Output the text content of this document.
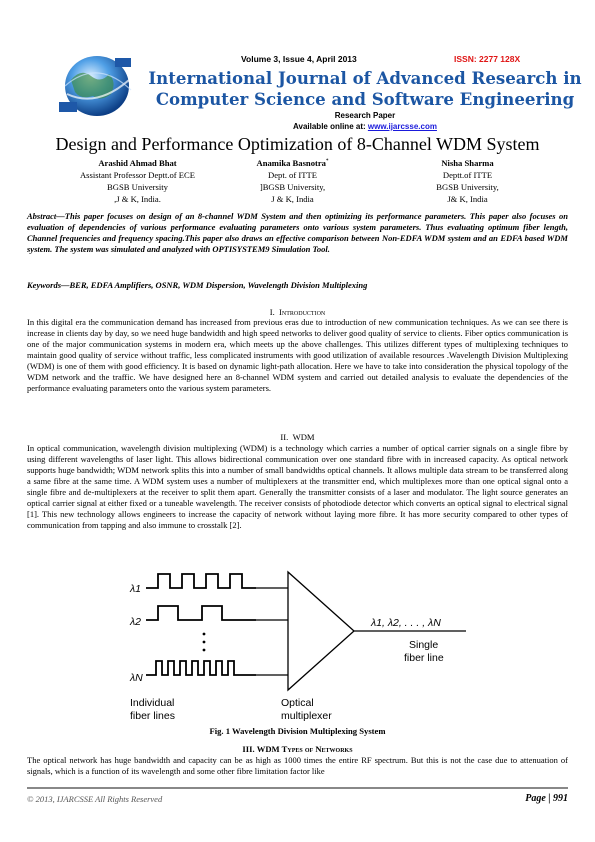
Volume 3, Issue 4, April 2013	ISSN: 2277 128X
International Journal of Advanced Research in
Computer Science and Software Engineering
Research Paper
Available online at: www.ijarcsse.com
Design and Performance Optimization of 8-Channel WDM System
Arashid Ahmad Bhat
Assistant Professor Deptt.of ECE
BGSB University
,J & K, India.
Anamika Basnotra*
Dept. of ITTE
]BGSB University,
J & K, India
Nisha Sharma
Deptt.of ITTE
BGSB University,
J& K, India
Abstract—This paper focuses on design of an 8-channel WDM System and then optimizing its performance parameters. This paper also focuses on evaluation of dependencies of various performance evaluating parameters onto various system parameters. Thus evaluating optimum fiber length, Channel frequencies and frequency spacing.This paper also draws an effective comparison between Non-EDFA WDM system and an EDFA based WDM system. The system was simulated and analyzed with OPTISYSTEM9 Simulation Tool.
Keywords—BER, EDFA Amplifiers, OSNR, WDM Dispersion, Wavelength Division Multiplexing
I. Introduction
In this digital era the communication demand has increased from previous eras due to introduction of new communication techniques. As we can see there is increase in clients day by day, so we need huge bandwidth and high speed networks to deliver good quality of service to clients. Fiber optics communication is one of the major communication systems in modern era, which meets up the above challenges. This utilizes different types of multiplexing techniques to maintain good quality of service without traffic, less complicated instruments with good utilization of available resources .Wavelength Division Multiplexing (WDM) is one of them with good efficiency. It is based on dynamic light-path allocation. Here we have to take into consideration the physical topology of the WDM network and the traffic. We have designed here an 8-channel WDM system and carried out detailed analysis to evaluate the dependencies of the performance evaluating parameters onto the various system parameters.
II. WDM
In optical communication, wavelength division multiplexing (WDM) is a technology which carries a number of optical carrier signals on a single fibre by using different wavelengths of laser light. This allows bidirectional communication over one standard fibre with in increased capacity. As optical network supports huge bandwidth; WDM network splits this into a number of small bandwidths optical channels. It allows multiple data stream to be transferred along a same fibre at the same time. A WDM system uses a number of multiplexers at the transmitter end, which multiplexes more than one optical signal onto a single fibre and de-multiplexers at the receiver to split them apart. Generally the transmitter consists of a laser and modulator. The light source generates an optical carrier signal at either fixed or a tuneable wavelength. The receiver consists of photodiode detector which converts an optical signal to electrical signal [1]. This new technology allows engineers to increase the capacity of network without laying more fibre. It has more security compared to other types of communication from tapping and also immune to crosstalk [2].
λ1
λ2
λN
λ1, λ2, . . . , λN
Single
fiber line
Individual
fiber lines
Optical
multiplexer
Fig. 1 Wavelength Division Multiplexing System
III. WDM Types of Networks
The optical network has huge bandwidth and capacity can be as high as 1000 times the entire RF spectrum. But this is not the case due to attenuation of signals, which is a function of its wavelength and some other fibre limitation factor like
© 2013, IJARCSSE All Rights Reserved	Page | 991
